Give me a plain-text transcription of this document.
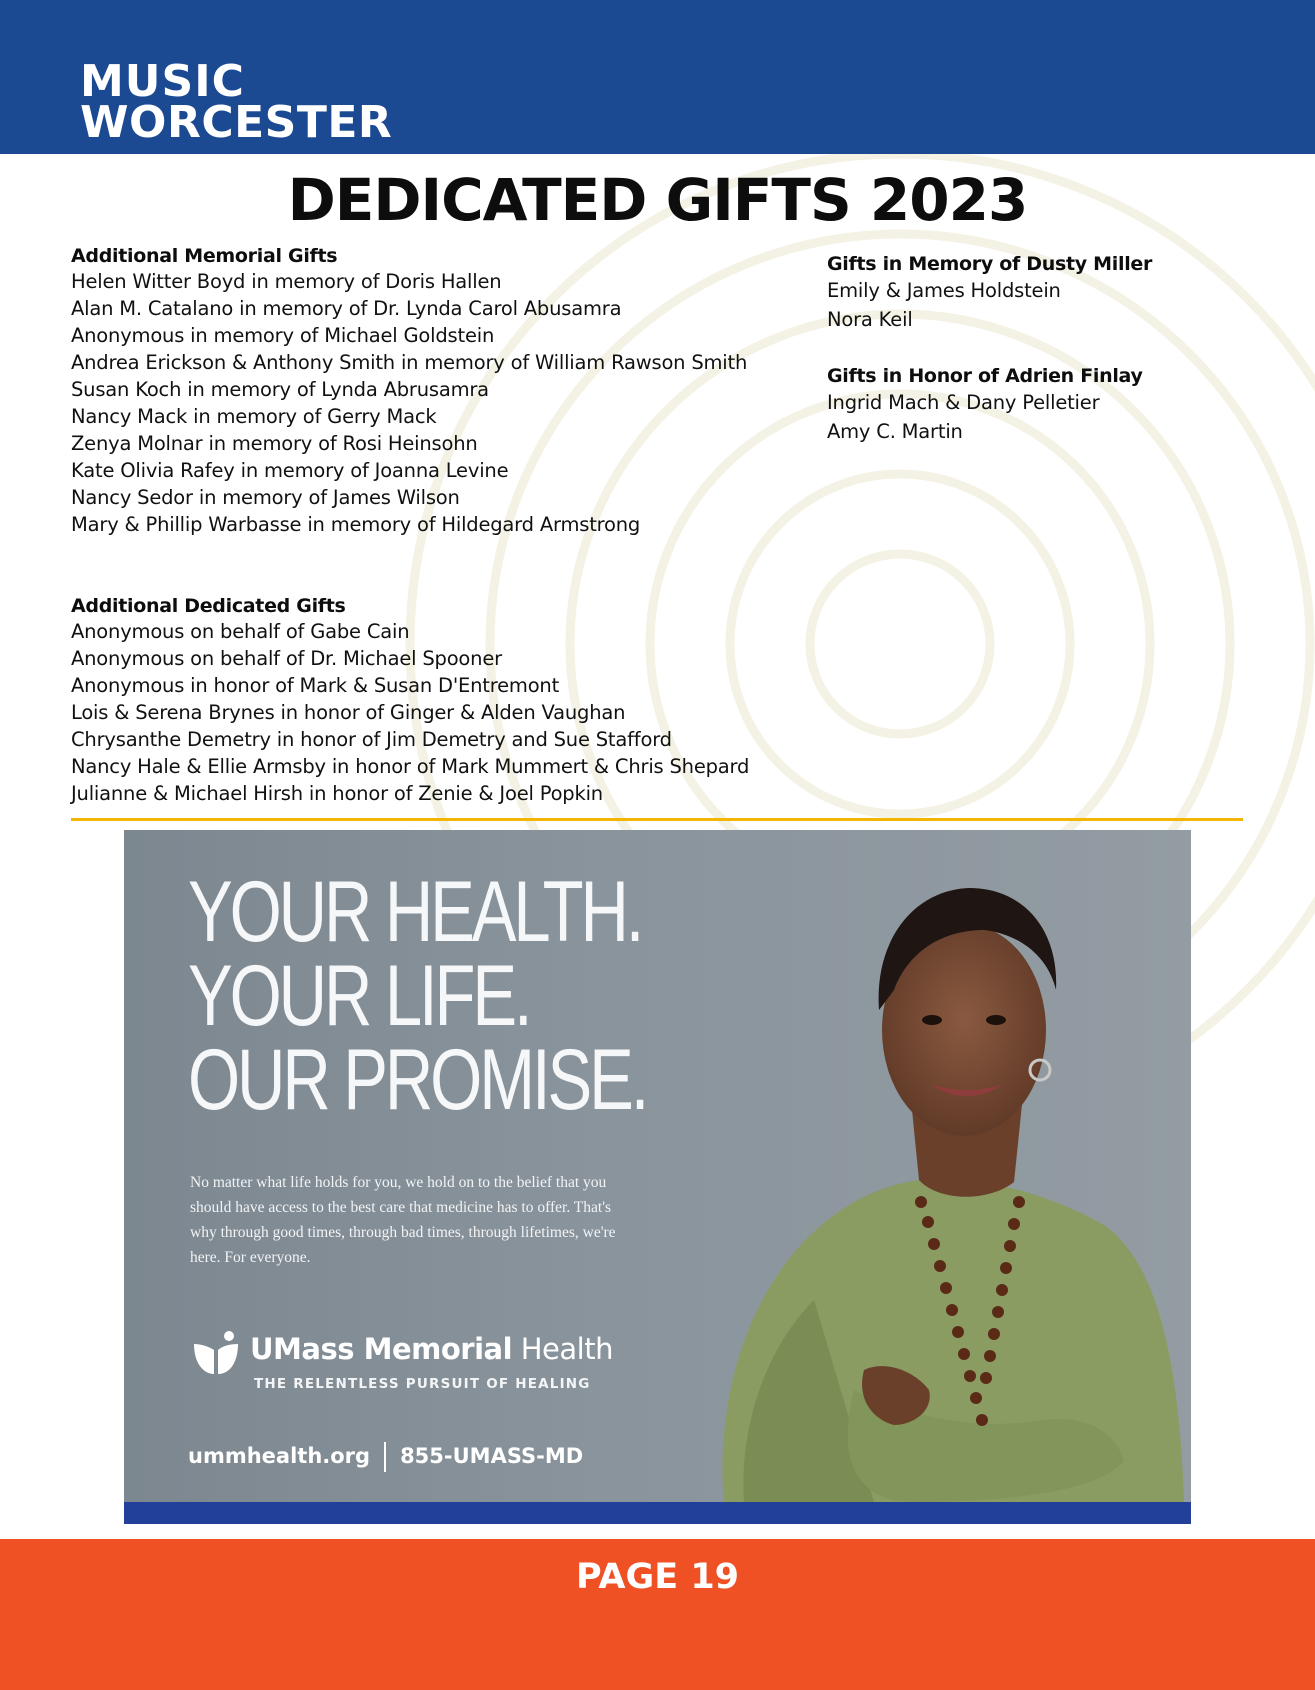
MUSIC
WORCESTER
DEDICATED GIFTS 2023
Additional Memorial Gifts
Helen Witter Boyd in memory of Doris Hallen
Alan M. Catalano in memory of Dr. Lynda Carol Abusamra
Anonymous in memory of Michael Goldstein
Andrea Erickson & Anthony Smith in memory of William Rawson Smith
Susan Koch in memory of Lynda Abrusamra
Nancy Mack in memory of Gerry Mack
Zenya Molnar in memory of Rosi Heinsohn
Kate Olivia Rafey in memory of Joanna Levine
Nancy Sedor in memory of James Wilson
Mary & Phillip Warbasse in memory of Hildegard Armstrong
Additional Dedicated Gifts
Anonymous on behalf of Gabe Cain
Anonymous on behalf of Dr. Michael Spooner
Anonymous in honor of Mark & Susan D'Entremont
Lois & Serena Brynes in honor of Ginger & Alden Vaughan
Chrysanthe Demetry in honor of Jim Demetry and Sue Stafford
Nancy Hale & Ellie Armsby in honor of Mark Mummert & Chris Shepard
Julianne & Michael Hirsh in honor of Zenie & Joel Popkin
Gifts in Memory of Dusty Miller
Emily & James Holdstein
Nora Keil
Gifts in Honor of Adrien Finlay
Ingrid Mach & Dany Pelletier
Amy C. Martin
YOUR HEALTH.
YOUR LIFE.
OUR PROMISE.

No matter what life holds for you, we hold on to the belief that you should have access to the best care that medicine has to offer. That's why through good times, through bad times, through lifetimes, we're here. For everyone.

UMass Memorial Health
THE RELENTLESS PURSUIT OF HEALING
ummhealth.org 855-UMASS-MD
PAGE 19
